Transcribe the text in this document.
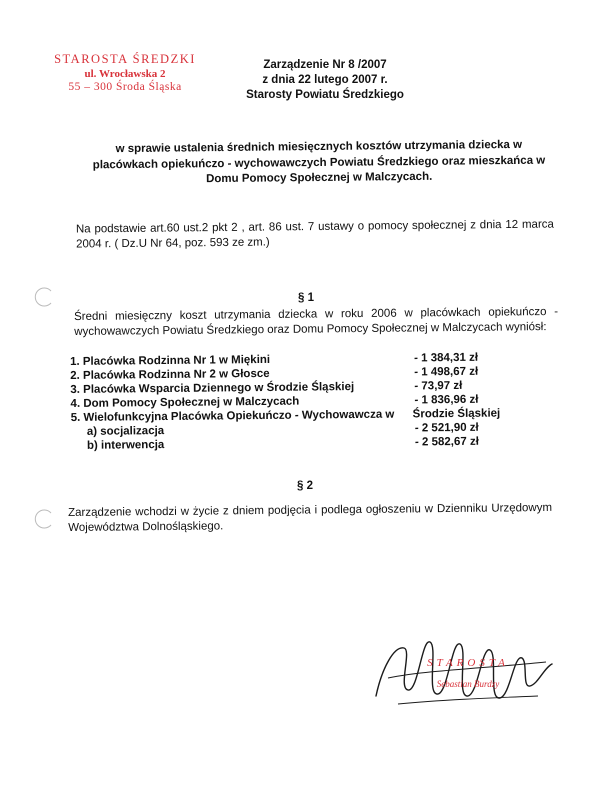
STAROSTA ŚREDZKI
ul. Wrocławska 2
55 – 300 Środa Śląska
Zarządzenie Nr 8 /2007
z dnia 22 lutego 2007 r.
Starosty Powiatu Średzkiego
w sprawie ustalenia średnich miesięcznych kosztów utrzymania dziecka w placówkach opiekuńczo - wychowawczych Powiatu Średzkiego oraz mieszkańca w Domu Pomocy Społecznej w Malczycach.
Na podstawie art.60 ust.2 pkt 2 , art. 86 ust. 7 ustawy o pomocy społecznej z dnia 12 marca 2004 r. ( Dz.U Nr 64, poz. 593 ze zm.)
§ 1
Średni miesięczny koszt utrzymania dziecka w roku 2006 w placówkach opiekuńczo - wychowawczych Powiatu Średzkiego oraz Domu Pomocy Społecznej w Malczycach wyniósł:
1. Placówka Rodzinna Nr 1 w Miękini	- 1 384,31 zł
2. Placówka Rodzinna Nr 2 w Głosce	- 1 498,67 zł
3. Placówka Wsparcia Dziennego w Środzie Śląskiej	- 73,97 zł
4. Dom Pomocy Społecznej w Malczycach	- 1 836,96 zł
5. Wielofunkcyjna Placówka Opiekuńczo - Wychowawcza w Środzie Śląskiej
a) socjalizacja	- 2 521,90 zł
b) interwencja	- 2 582,67 zł
§ 2
Zarządzenie wchodzi w życie z dniem podjęcia i podlega ogłoszeniu w Dzienniku Urzędowym Województwa Dolnośląskiego.
STAROSTA
Sebastian Burdzy
